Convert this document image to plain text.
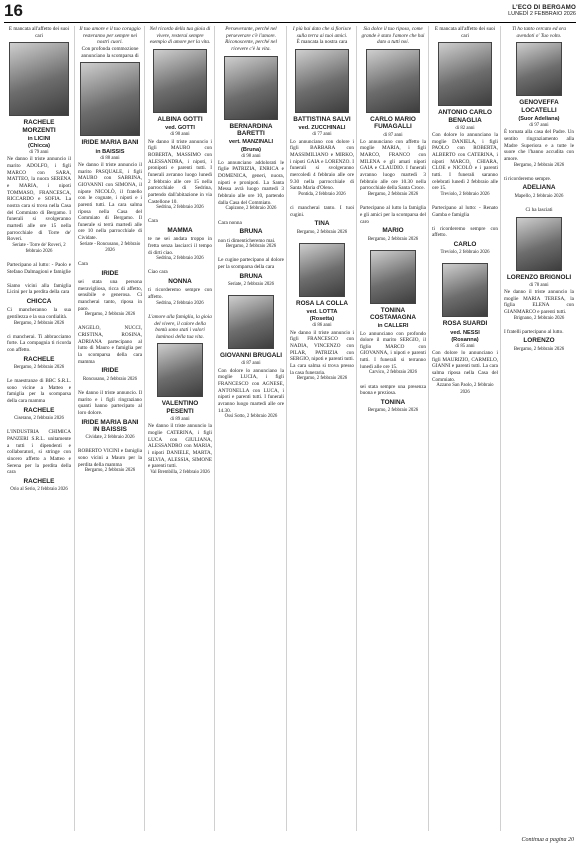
16	L'ECO DI BERGAMO
LUNEDÌ 2 FEBBRAIO 2026
È mancata all'affetto dei suoi cari
RACHELE MORZENTI
in LICINI
(Chicca)
di 79 anni
Ne danno il triste annuncio il marito ADOLFO, i figli MARCO con SARA, MATTEO, la nuora SERENA e MARIA, i nipoti TOMMASO, FRANCESCA, RICCARDO e SOFIA. La nostra cara si trova nella Casa del Commiato di Bergamo. I funerali si svolgeranno martedì alle ore 15 nella parrocchiale di Torre de' Roveri.
Seriate - Torre de' Roveri, 2 febbraio 2026
Partecipano al lutto: - Paolo e Stefano Dalmagioni e famiglie
Siamo vicini alla famiglia Licini per la perdita della cara
CHICCA
Ci mancheranno la sua gentilezza e la sua cordialità.
Bergamo, 2 febbraio 2026
ci mancherai. Ti abbracciamo forte. La compagnia ti ricorda con affetto.
RACHELE
Bergamo, 2 febbraio 2026
Le maestranze di BBC S.R.L. sono vicine a Matteo e famiglia per la scomparsa della cara mamma
RACHELE
Ciserano, 2 febbraio 2026
L'INDUSTRIA CHIMICA PANZERI S.R.L. unitamente a tutti i dipendenti e collaboratori, si stringe con sincero affetto a Matteo e Serena per la perdita della cara
RACHELE
Orio al Serio, 2 febbraio 2026
Il tuo amore e il tuo coraggio resteranno per sempre nei nostri cuori.
Con profonda commozione annunciano la scomparsa di
IRIDE MARIA BANI
in BAISSIS
di 88 anni
Ne danno il triste annuncio il marito PASQUALE, i figli MAURO con SABRINA, GIOVANNI con SIMONA, il nipote NICOLÒ, il fratello con le cognate, i nipoti e i parenti tutti. La cara salma riposa nella Casa del Commiato di Bergamo. Il funerale si terrà martedì alle ore 10 nella parrocchiale di Cividate.
Seriate - Roncusano, 2 febbraio 2026
Cara
IRIDE
sei stata una persona meravigliosa, ricca di affetto, sensibile e generosa. Ci mancherai tanto, riposa in pace.
Bergamo, 2 febbraio 2026
ANGELO, NUCCI, CRISTINA, ROSINA, ADRIANA partecipano al lutto di Mauro e famiglia per la scomparsa della cara mamma
IRIDE
Roncusano, 2 febbraio 2026
Ne danno il triste annuncio. Il marito e i figli ringraziano quanti hanno partecipato al loro dolore.
IRIDE MARIA BANI IN BAISSIS
Cividate, 2 febbraio 2026
ROBERTO VICINI e famiglia sono vicini a Mauro per la perdita della mamma
Bergamo, 2 febbraio 2026
Nel ricordo della tua gioia di vivere, resterai sempre esempio di amore per la vita.
ALBINA GOTTI
ved. GOTTI
di 90 anni
Ne danno il triste annuncio i figli MAURO con ROBERTA, MASSIMO con ALESSANDRA, i nipoti, i pronipoti e parenti tutti. I funerali avranno luogo lunedì 2 febbraio alle ore 15 nella parrocchiale di Sedrina, partendo dall'abitazione in via Castellone 10.
Sedrina, 2 febbraio 2026
Cara
MAMMA
te ne sei andata troppo in fretta senza lasciarci il tempo di dirti ciao.
Sedrina, 2 febbraio 2026
Ciao cara
NONNA
ti ricorderemo sempre con affetto.
Sedrina, 2 febbraio 2026
L'amore alla famiglia, la gioia del vivere, il calore della bontà sono stati i valori luminosi della tua vita.
VALENTINO PESENTI
di 89 anni
Ne danno il triste annuncio la moglie CATERINA, i figli LUCA con GIULIANA, ALESSANDRO con MARIA, i nipoti DANIELE, MARTA, SILVIA, ALESSIA, SIMONE e parenti tutti.
Val Brembilla, 2 febbraio 2026
Perseverante, perché nel perseverare c'è l'amore. Riconoscente, perché nel ricevere c'è la vita.
BERNARDINA BARETTI
vert. MANZINALI
(Bruna)
di 98 anni
Lo annunciano addolorati le figlie PATRIZIA, ENRICA e DOMENICA, generi, nuora, nipoti e pronipoti. La Santa Messa avrà luogo martedì 3 febbraio alle ore 10, partendo dalla Casa del Commiato.
Capizone, 2 febbraio 2026
Cara nonna
BRUNA
non ti dimenticheremo mai.
Bergamo, 2 febbraio 2026
Le cugine partecipano al dolore per la scomparsa della cara
BRUNA
Seriate, 2 febbraio 2026
GIOVANNI BRUGALI
di 87 anni
Con dolore lo annunciano la moglie LUCIA, i figli FRANCESCO con AGNESE, ANTONELLA con LUCA, i nipoti e parenti tutti. I funerali avranno luogo martedì alle ore 14.30.
Ossi Sotto, 2 febbraio 2026
I più hai dato che si fiorisce sulla terra ai tuoi amici.
È mancata la nostra cara
BATTISTINA SALVI
ved. ZUCCHINALI
di 77 anni
Lo annunciano con dolore i figli BARBARA con MASSIMILIANO e MIRKO, i nipoti GAIA e LORENZO. I funerali si svolgeranno mercoledì 4 febbraio alle ore 9.30 nella parrocchiale di Santa Maria d'Oleno.
Pontida, 2 febbraio 2026
ci mancherai tanto. I tuoi cugini.
TINA
Bergamo, 2 febbraio 2026
ROSA LA COLLA
ved. LOTTA
(Rosetta)
di 86 anni
Ne danno il triste annuncio i figli FRANCESCO con NADIA, VINCENZO con PILAR, PATRIZIA con SERGIO, nipoti e parenti tutti. La cara salma si trova presso la casa funeraria.
Bergamo, 2 febbraio 2026
Sia dolce il tuo riposo, come grande è stato l'amore che hai dato a tutti noi.
CARLO MARIO FUMAGALLI
di 87 anni
Lo annunciano con affetto la moglie MARIA, i figli MARCO, FRANCO con MILENA e gli amati nipoti GAIA e CLAUDIO. I funerali avranno luogo martedì 3 febbraio alle ore 10.30 nella parrocchiale della Santa Croce.
Bergamo, 2 febbraio 2026
Partecipano al lutto la famiglia e gli amici per la scomparsa del caro
MARIO
Bergamo, 2 febbraio 2026
TONINA COSTAMAGNA
in CALLERI
Lo annunciano con profondo dolore il marito SERGIO, il figlio MARCO con GIOVANNA, i nipoti e parenti tutti. I funerali si terranno lunedì alle ore 15.
Carvico, 2 febbraio 2026
sei stata sempre una presenza buona e preziosa.
TONINA
Bergamo, 2 febbraio 2026
È mancata all'affetto dei suoi cari
ANTONIO CARLO BENAGLIA
di 82 anni
Con dolore lo annunciano la moglie DANIELA, i figli PAOLO con ROBERTA, ALBERTO con CATERINA, i nipoti MARCO, CHIARA, CLOE e NICOLÒ e i parenti tutti. I funerali saranno celebrati lunedì 2 febbraio alle ore 15.
Treviolo, 2 febbraio 2026
Partecipano al lutto: - Renato Gamba e famiglia
ti ricorderemo sempre con affetto.
CARLO
Treviolo, 2 febbraio 2026
ROSA SUARDI
ved. NESSI
(Rosanna)
di 85 anni
Con dolore lo annunciano i figli MAURIZIO, CARMELO, GIANNI e parenti tutti. La cara salma riposa nella Casa del Commiato.
Azzano San Paolo, 2 febbraio 2026
Ti ho tanto cercato ed ora avendoti o' Tuo volto.
GENOVEFFA LOCATELLI
(Suor Adeliana)
di 97 anni
È tornata alla casa del Padre. Un sentito ringraziamento alla Madre Superiora e a tutte le suore che l'hanno accudita con amore.
Bergamo, 2 febbraio 2026
ti ricorderemo sempre.
ADELIANA
Mapello, 2 febbraio 2026
Ci ha lasciati
LORENZO BRIGNOLI
di 78 anni
Ne danno il triste annuncio la moglie MARIA TERESA, la figlia ELENA con GIANMARCO e parenti tutti.
Brignano, 2 febbraio 2026
I fratelli partecipano al lutto.
LORENZO
Bergamo, 2 febbraio 2026
Continua a pagina 20
